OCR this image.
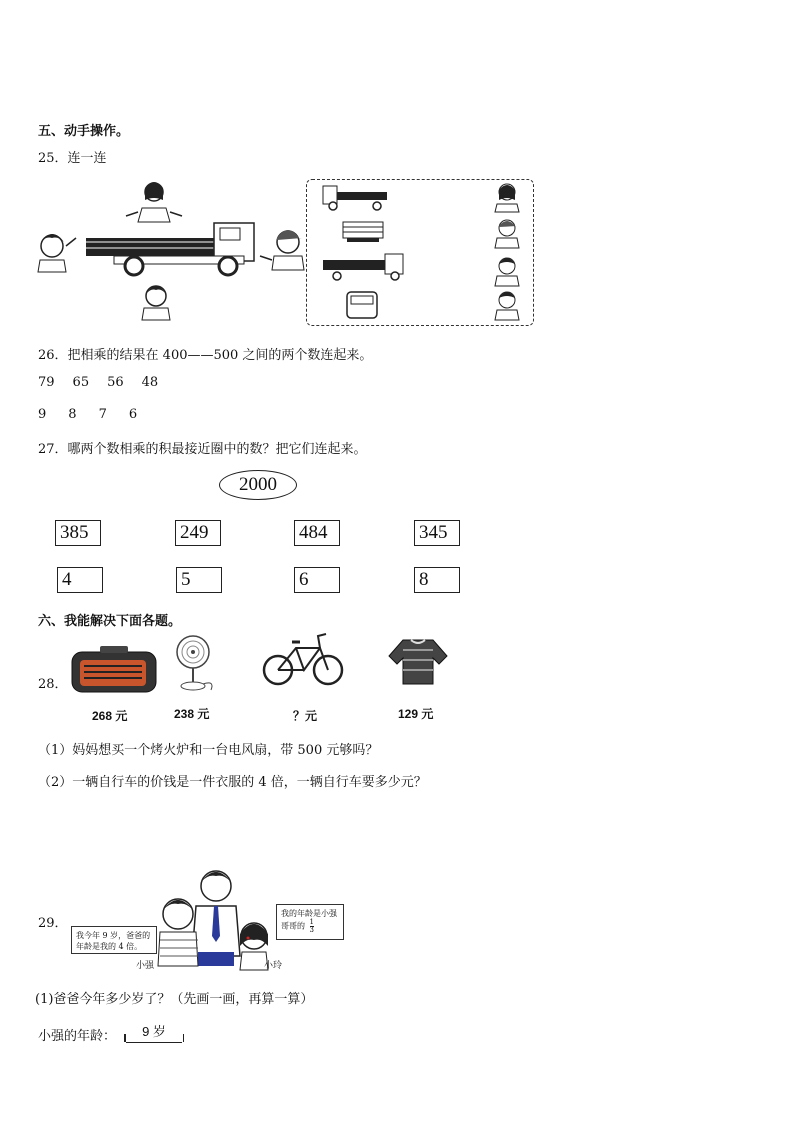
五、动手操作。
25．连一连
26．把相乘的结果在 400——500 之间的两个数连起来。
79 65 56 48
9 8 7 6
27．哪两个数相乘的积最接近圈中的数？把它们连起来。
2000
385	249	484	345
4	5	6	8
六、我能解决下面各题。
28．
268 元	238 元	？元	129 元
（1）妈妈想买一个烤火炉和一台电风扇，带 500 元够吗？
（2）一辆自行车的价钱是一件衣服的 4 倍，一辆自行车要多少元？
29．
我今年 9 岁，爸爸的年龄是我的 4 倍。
我的年龄是小强哥哥的 $\frac{1}{3}$
小强	小玲
(1)爸爸今年多少岁了？（先画一画，再算一算）
小强的年龄：	9 岁
